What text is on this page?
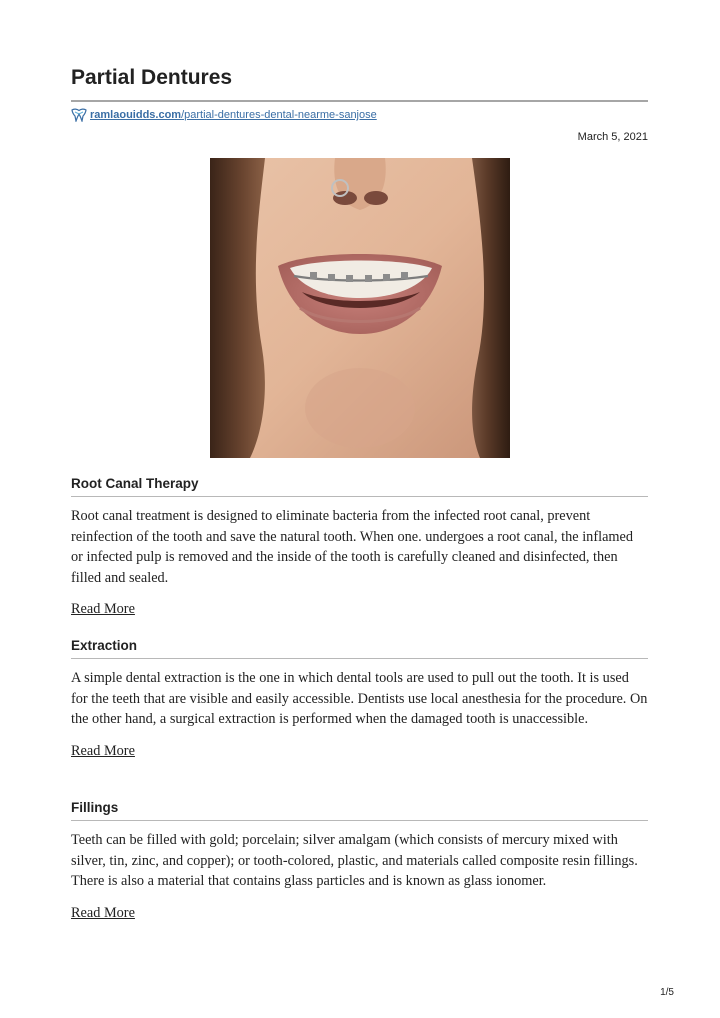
Partial Dentures
ramlaouidds.com /partial-dentures-dental-nearme-sanjose
March 5, 2021
Root Canal Therapy

Root canal treatment is designed to eliminate bacteria from the infected root canal, prevent reinfection of the tooth and save the natural tooth. When one. undergoes a root canal, the inflamed or infected pulp is removed and the inside of the tooth is carefully cleaned and disinfected, then filled and sealed.

Read More
Extraction

A simple dental extraction is the one in which dental tools are used to pull out the tooth. It is used for the teeth that are visible and easily accessible. Dentists use local anesthesia for the procedure. On the other hand, a surgical extraction is performed when the damaged tooth is unaccessible.

Read More
Fillings

Teeth can be filled with gold; porcelain; silver amalgam (which consists of mercury mixed with silver, tin, zinc, and copper); or tooth-colored, plastic, and materials called composite resin fillings. There is also a material that contains glass particles and is known as glass ionomer.

Read More
1/5
